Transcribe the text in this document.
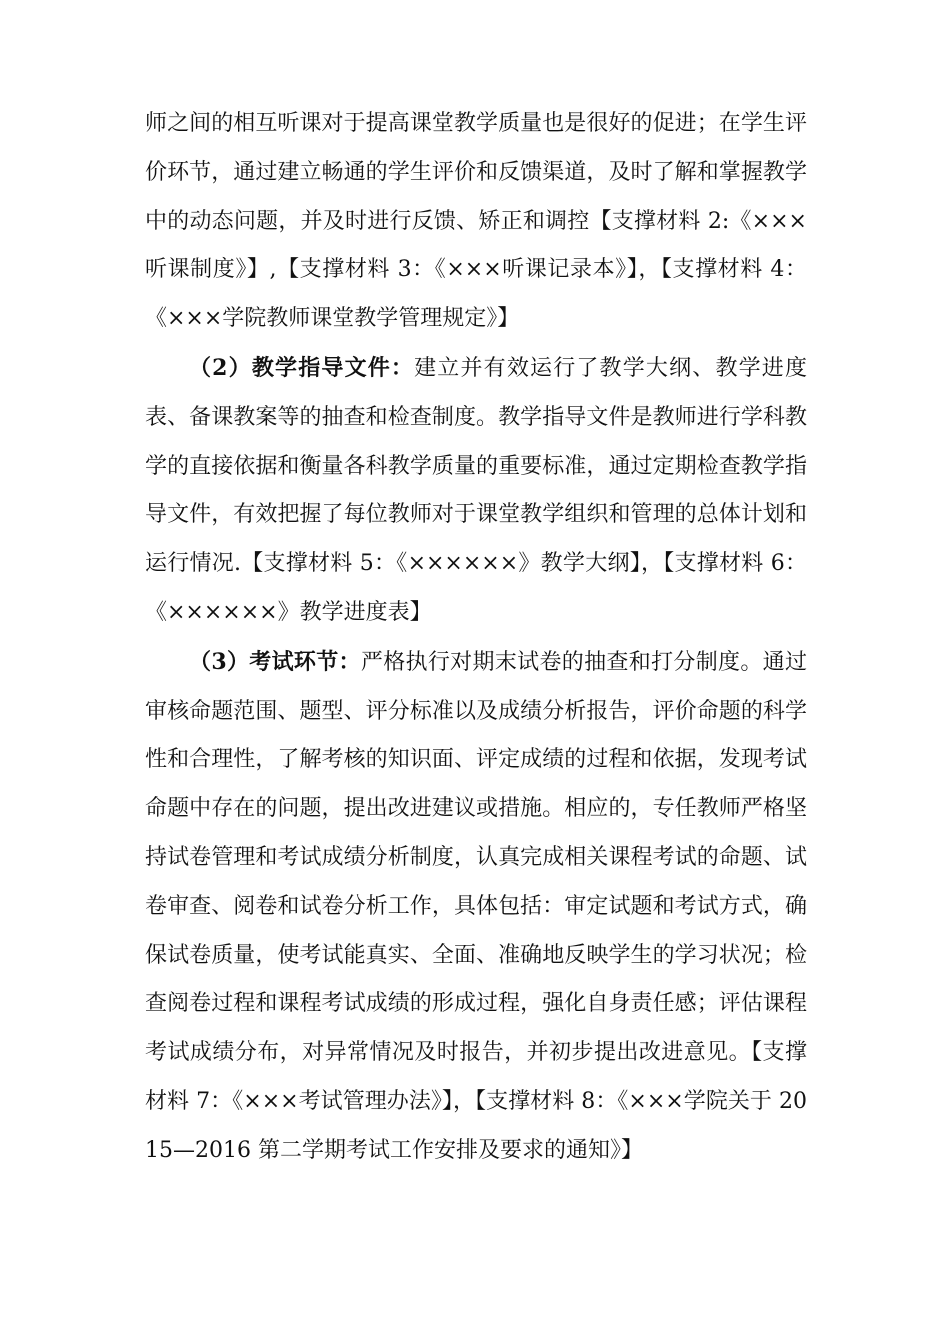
师之间的相互听课对于提高课堂教学质量也是很好的促进；在学生评价环节，通过建立畅通的学生评价和反馈渠道，及时了解和掌握教学中的动态问题，并及时进行反馈、矫正和调控【支撑材料 2:《×××听课制度》】,【支撑材料 3：《×××听课记录本》】，【支撑材料 4：《×××学院教师课堂教学管理规定》】

（2）教学指导文件：建立并有效运行了教学大纲、教学进度表、备课教案等的抽查和检查制度。教学指导文件是教师进行学科教学的直接依据和衡量各科教学质量的重要标准，通过定期检查教学指导文件，有效把握了每位教师对于课堂教学组织和管理的总体计划和运行情况.【支撑材料 5：《××××××》教学大纲】，【支撑材料 6：《××××××》教学进度表】

（3）考试环节：严格执行对期末试卷的抽查和打分制度。通过审核命题范围、题型、评分标准以及成绩分析报告，评价命题的科学性和合理性，了解考核的知识面、评定成绩的过程和依据，发现考试命题中存在的问题，提出改进建议或措施。相应的，专任教师严格坚持试卷管理和考试成绩分析制度，认真完成相关课程考试的命题、试卷审查、阅卷和试卷分析工作，具体包括：审定试题和考试方式，确保试卷质量，使考试能真实、全面、准确地反映学生的学习状况；检查阅卷过程和课程考试成绩的形成过程，强化自身责任感；评估课程考试成绩分布，对异常情况及时报告，并初步提出改进意见。【支撑材料 7：《×××考试管理办法》】，【支撑材料 8：《×××学院关于 2015—2016 第二学期考试工作安排及要求的通知》】
